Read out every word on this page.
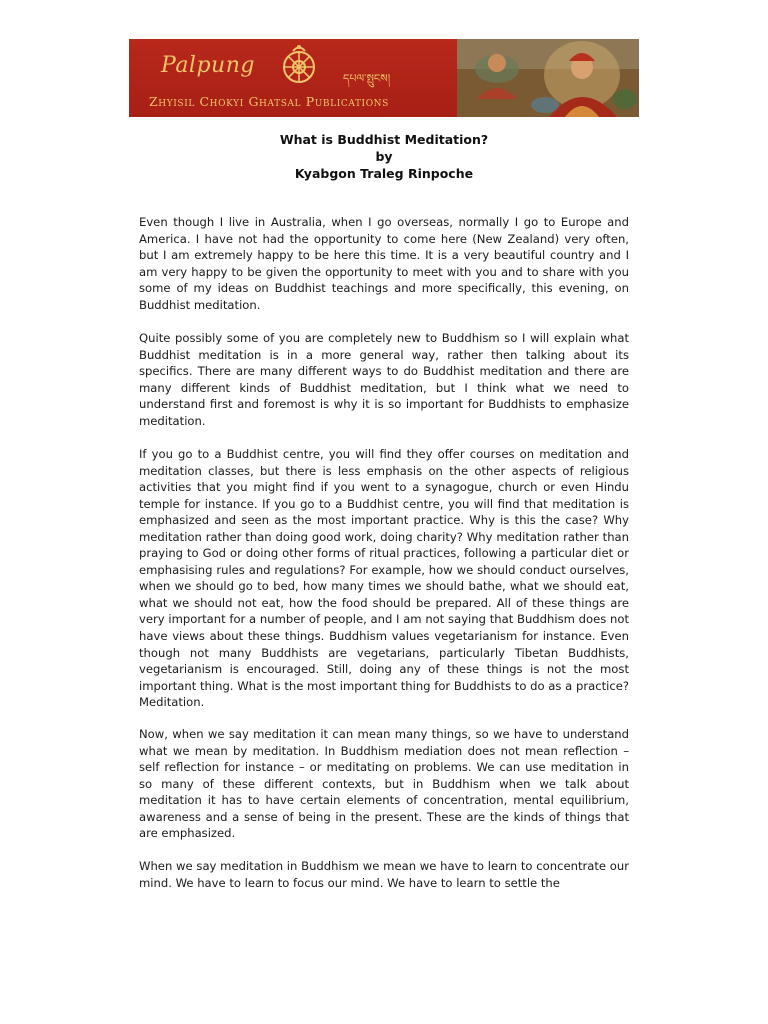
Palpung
དཔལ་སྤུངས།
Zhyisil Chokyi Ghatsal Publications
What is Buddhist Meditation?
by
Kyabgon Traleg Rinpoche

Even though I live in Australia, when I go overseas, normally I go to Europe and America. I have not had the opportunity to come here (New Zealand) very often, but I am extremely happy to be here this time. It is a very beautiful country and I am very happy to be given the opportunity to meet with you and to share with you some of my ideas on Buddhist teachings and more specifically, this evening, on Buddhist meditation.

Quite possibly some of you are completely new to Buddhism so I will explain what Buddhist meditation is in a more general way, rather then talking about its specifics. There are many different ways to do Buddhist meditation and there are many different kinds of Buddhist meditation, but I think what we need to understand first and foremost is why it is so important for Buddhists to emphasize meditation.

If you go to a Buddhist centre, you will find they offer courses on meditation and meditation classes, but there is less emphasis on the other aspects of religious activities that you might find if you went to a synagogue, church or even Hindu temple for instance. If you go to a Buddhist centre, you will find that meditation is emphasized and seen as the most important practice. Why is this the case? Why meditation rather than doing good work, doing charity? Why meditation rather than praying to God or doing other forms of ritual practices, following a particular diet or emphasising rules and regulations? For example, how we should conduct ourselves, when we should go to bed, how many times we should bathe, what we should eat, what we should not eat, how the food should be prepared. All of these things are very important for a number of people, and I am not saying that Buddhism does not have views about these things. Buddhism values vegetarianism for instance. Even though not many Buddhists are vegetarians, particularly Tibetan Buddhists, vegetarianism is encouraged. Still, doing any of these things is not the most important thing. What is the most important thing for Buddhists to do as a practice? Meditation.

Now, when we say meditation it can mean many things, so we have to understand what we mean by meditation. In Buddhism mediation does not mean reflection – self reflection for instance – or meditating on problems. We can use meditation in so many of these different contexts, but in Buddhism when we talk about meditation it has to have certain elements of concentration, mental equilibrium, awareness and a sense of being in the present. These are the kinds of things that are emphasized.

When we say meditation in Buddhism we mean we have to learn to concentrate our mind. We have to learn to focus our mind. We have to learn to settle the
